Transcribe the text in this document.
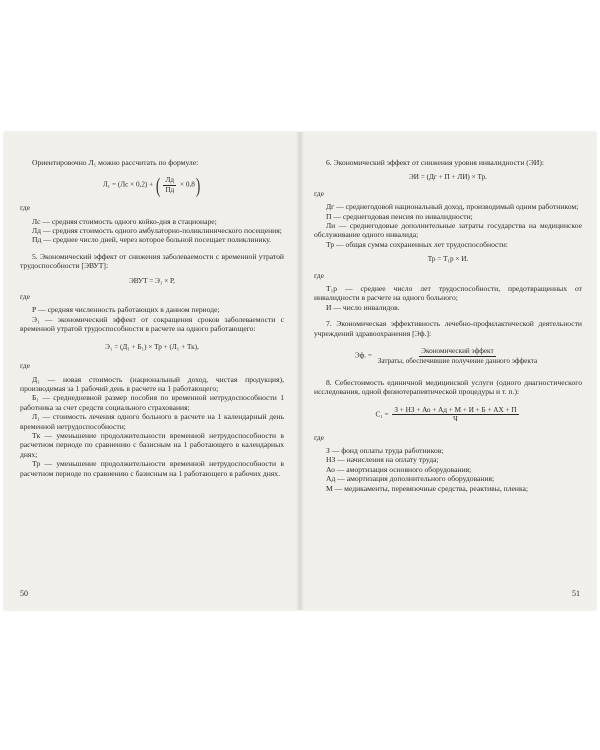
Ориентировочно Л₁ можно рассчитать по формуле:

Л₁ = (Лс × 0,2) + ( $\frac{Лд}{Пд} \times 0,8$)

где

Лс — средняя стоимость одного койко-дня в стационаре;

Лд — средняя стоимость одного амбулаторно-поликлинического посещения;

Пд — среднее число дней, через которое больной посещает поликлинику.

5. Экономический эффект от снижения заболеваемости с временной утратой трудоспособности [ЭВУТ]:

ЭВУТ = Э₁ × Р,

где

Р — средняя численность работающих в данном периоде;

Э₁ — экономический эффект от сокращения сроков заболеваемости с временной утратой трудоспособности в расчете на одного работающего:

Э₁ = (Д₁ + Б₁) × Тр + (Л₁ + Тк),

где

Д₁ — новая стоимость (национальный доход, чистая продукция), производимая за 1 рабочий день в расчете на 1 работающего;

Б₁ — среднедневной размер пособия по временной нетрудоспособности 1 работника за счет средств социального страхования;

Л₁ — стоимость лечения одного больного в расчете на 1 календарный день временной нетрудоспособности;

Тк — уменьшение продолжительности временной нетрудоспособности в расчетном периоде по сравнению с базисным на 1 работающего в календарных днях;

Тр — уменьшение продолжительности временной нетрудоспособности в расчетном периоде по сравнению с базисным на 1 работающего в рабочих днях.

50

6. Экономический эффект от снижения уровня инвалидности (ЭИ):

ЭИ = (Дг + П + ЛИ) × Тр.

где

Дг — среднегодовой национальный доход, производимый одним работником;

П — среднегодовая пенсия по инвалидности;

Ли — среднегодовые дополнительные затраты государства на медицинское обслуживание одного инвалида;

Тр — общая сумма сохраненных лет трудоспособности:

Тр = Т₁р × И.

где

Т₁р — среднее число лет трудоспособности, предотвращенных от инвалидности в расчете на одного больного;

И — число инвалидов.

7. Экономическая эффективность лечебно-профилактической деятельности учреждений здравоохранения [Эф.]:

Эф. = $\frac{\text{Экономический эффект}}{\text{Затраты, обеспечившие получение данного эффекта}}$

8. Себестоимость единичной медицинской услуги (одного диагностического исследования, одной физиотерапевтической процедуры и т. п.):

$С_1 = \frac{З + НЗ + Ао + Ад + М + И + Б + АХ + П}{Ч}$

где

З — фонд оплаты труда работников;

НЗ — начисления на оплату труда;

Ао — амортизация основного оборудования;

Ад — амортизация дополнительного оборудования;

М — медикаменты, перевязочные средства, реактивы, пленка;

51
